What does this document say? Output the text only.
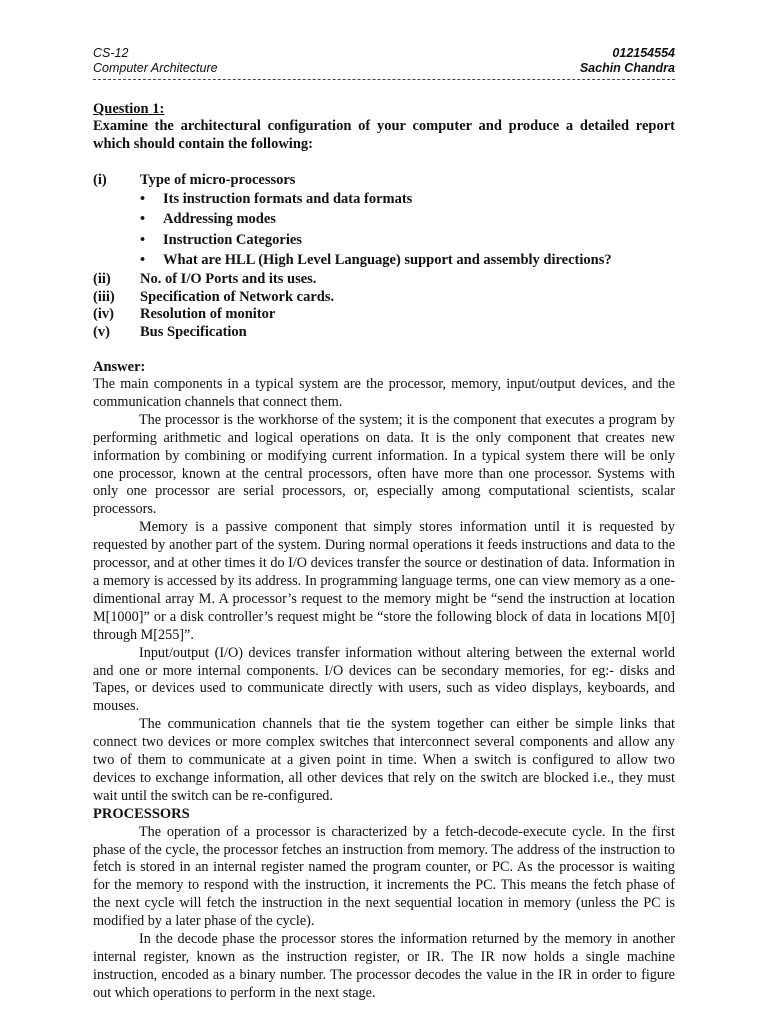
CS-12	012154554
Computer Architecture	Sachin Chandra
Question 1:
Examine the architectural configuration of your computer and produce a detailed report which should contain the following:
(i) Type of micro-processors
• Its instruction formats and data formats
• Addressing modes
• Instruction Categories
• What are HLL (High Level Language) support and assembly directions?
(ii) No. of I/O Ports and its uses.
(iii) Specification of Network cards.
(iv) Resolution of monitor
(v) Bus Specification
Answer:

The main components in a typical system are the processor, memory, input/output devices, and the communication channels that connect them.

The processor is the workhorse of the system; it is the component that executes a program by performing arithmetic and logical operations on data. It is the only component that creates new information by combining or modifying current information. In a typical system there will be only one processor, known at the central processors, often have more than one processor. Systems with only one processor are serial processors, or, especially among computational scientists, scalar processors.

Memory is a passive component that simply stores information until it is requested by requested by another part of the system. During normal operations it feeds instructions and data to the processor, and at other times it do I/O devices transfer the source or destination of data. Information in a memory is accessed by its address. In programming language terms, one can view memory as a one-dimentional array M. A processor’s request to the memory might be “send the instruction at location M[1000]” or a disk controller’s request might be “store the following block of data in locations M[0] through M[255]”.

Input/output (I/O) devices transfer information without altering between the external world and one or more internal components. I/O devices can be secondary memories, for eg:- disks and Tapes, or devices used to communicate directly with users, such as video displays, keyboards, and mouses.

The communication channels that tie the system together can either be simple links that connect two devices or more complex switches that interconnect several components and allow any two of them to communicate at a given point in time. When a switch is configured to allow two devices to exchange information, all other devices that rely on the switch are blocked i.e., they must wait until the switch can be re-configured.

PROCESSORS

The operation of a processor is characterized by a fetch-decode-execute cycle. In the first phase of the cycle, the processor fetches an instruction from memory. The address of the instruction to fetch is stored in an internal register named the program counter, or PC. As the processor is waiting for the memory to respond with the instruction, it increments the PC. This means the fetch phase of the next cycle will fetch the instruction in the next sequential location in memory (unless the PC is modified by a later phase of the cycle).

In the decode phase the processor stores the information returned by the memory in another internal register, known as the instruction register, or IR. The IR now holds a single machine instruction, encoded as a binary number. The processor decodes the value in the IR in order to figure out which operations to perform in the next stage.
